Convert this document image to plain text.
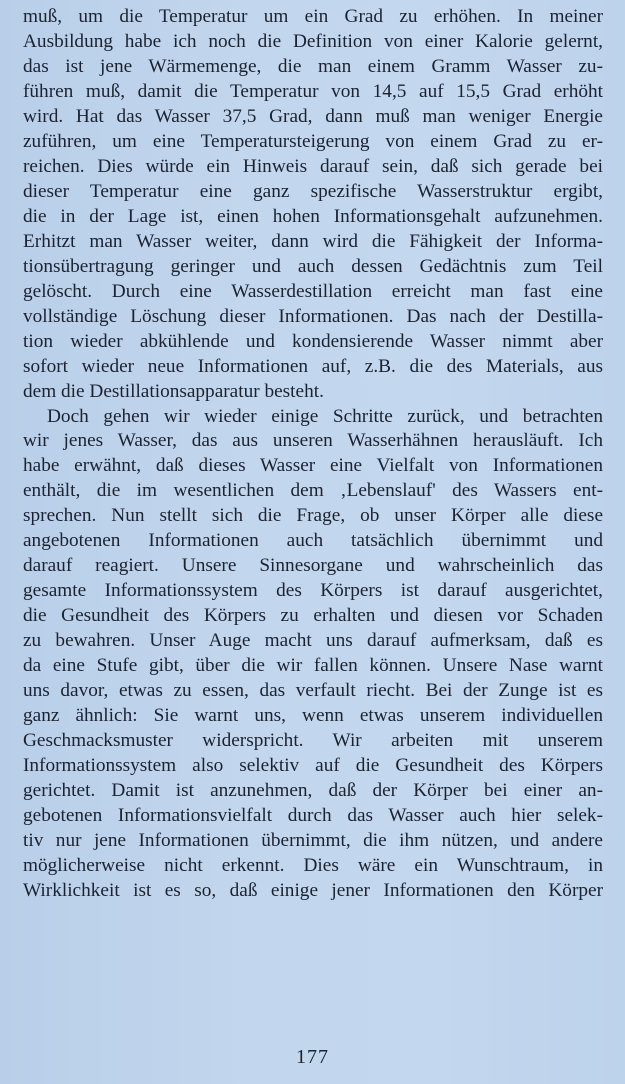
muß, um die Temperatur um ein Grad zu erhöhen. In meiner
Ausbildung habe ich noch die Definition von einer Kalorie gelernt,
das ist jene Wärmemenge, die man einem Gramm Wasser zu-
führen muß, damit die Temperatur von 14,5 auf 15,5 Grad erhöht
wird. Hat das Wasser 37,5 Grad, dann muß man weniger Energie
zuführen, um eine Temperatursteigerung von einem Grad zu er-
reichen. Dies würde ein Hinweis darauf sein, daß sich gerade bei
dieser Temperatur eine ganz spezifische Wasserstruktur ergibt,
die in der Lage ist, einen hohen Informationsgehalt aufzunehmen.
Erhitzt man Wasser weiter, dann wird die Fähigkeit der Informa-
tionsübertragung geringer und auch dessen Gedächtnis zum Teil
gelöscht. Durch eine Wasserdestillation erreicht man fast eine
vollständige Löschung dieser Informationen. Das nach der Destilla-
tion wieder abkühlende und kondensierende Wasser nimmt aber
sofort wieder neue Informationen auf, z.B. die des Materials, aus
dem die Destillationsapparatur besteht.
Doch gehen wir wieder einige Schritte zurück, und betrachten
wir jenes Wasser, das aus unseren Wasserhähnen herausläuft. Ich
habe erwähnt, daß dieses Wasser eine Vielfalt von Informationen
enthält, die im wesentlichen dem ‚Lebenslauf' des Wassers ent-
sprechen. Nun stellt sich die Frage, ob unser Körper alle diese
angebotenen Informationen auch tatsächlich übernimmt und
darauf reagiert. Unsere Sinnesorgane und wahrscheinlich das
gesamte Informationssystem des Körpers ist darauf ausgerichtet,
die Gesundheit des Körpers zu erhalten und diesen vor Schaden
zu bewahren. Unser Auge macht uns darauf aufmerksam, daß es
da eine Stufe gibt, über die wir fallen können. Unsere Nase warnt
uns davor, etwas zu essen, das verfault riecht. Bei der Zunge ist es
ganz ähnlich: Sie warnt uns, wenn etwas unserem individuellen
Geschmacksmuster widerspricht. Wir arbeiten mit unserem
Informationssystem also selektiv auf die Gesundheit des Körpers
gerichtet. Damit ist anzunehmen, daß der Körper bei einer an-
gebotenen Informationsvielfalt durch das Wasser auch hier selek-
tiv nur jene Informationen übernimmt, die ihm nützen, und andere
möglicherweise nicht erkennt. Dies wäre ein Wunschtraum, in
Wirklichkeit ist es so, daß einige jener Informationen den Körper
177
